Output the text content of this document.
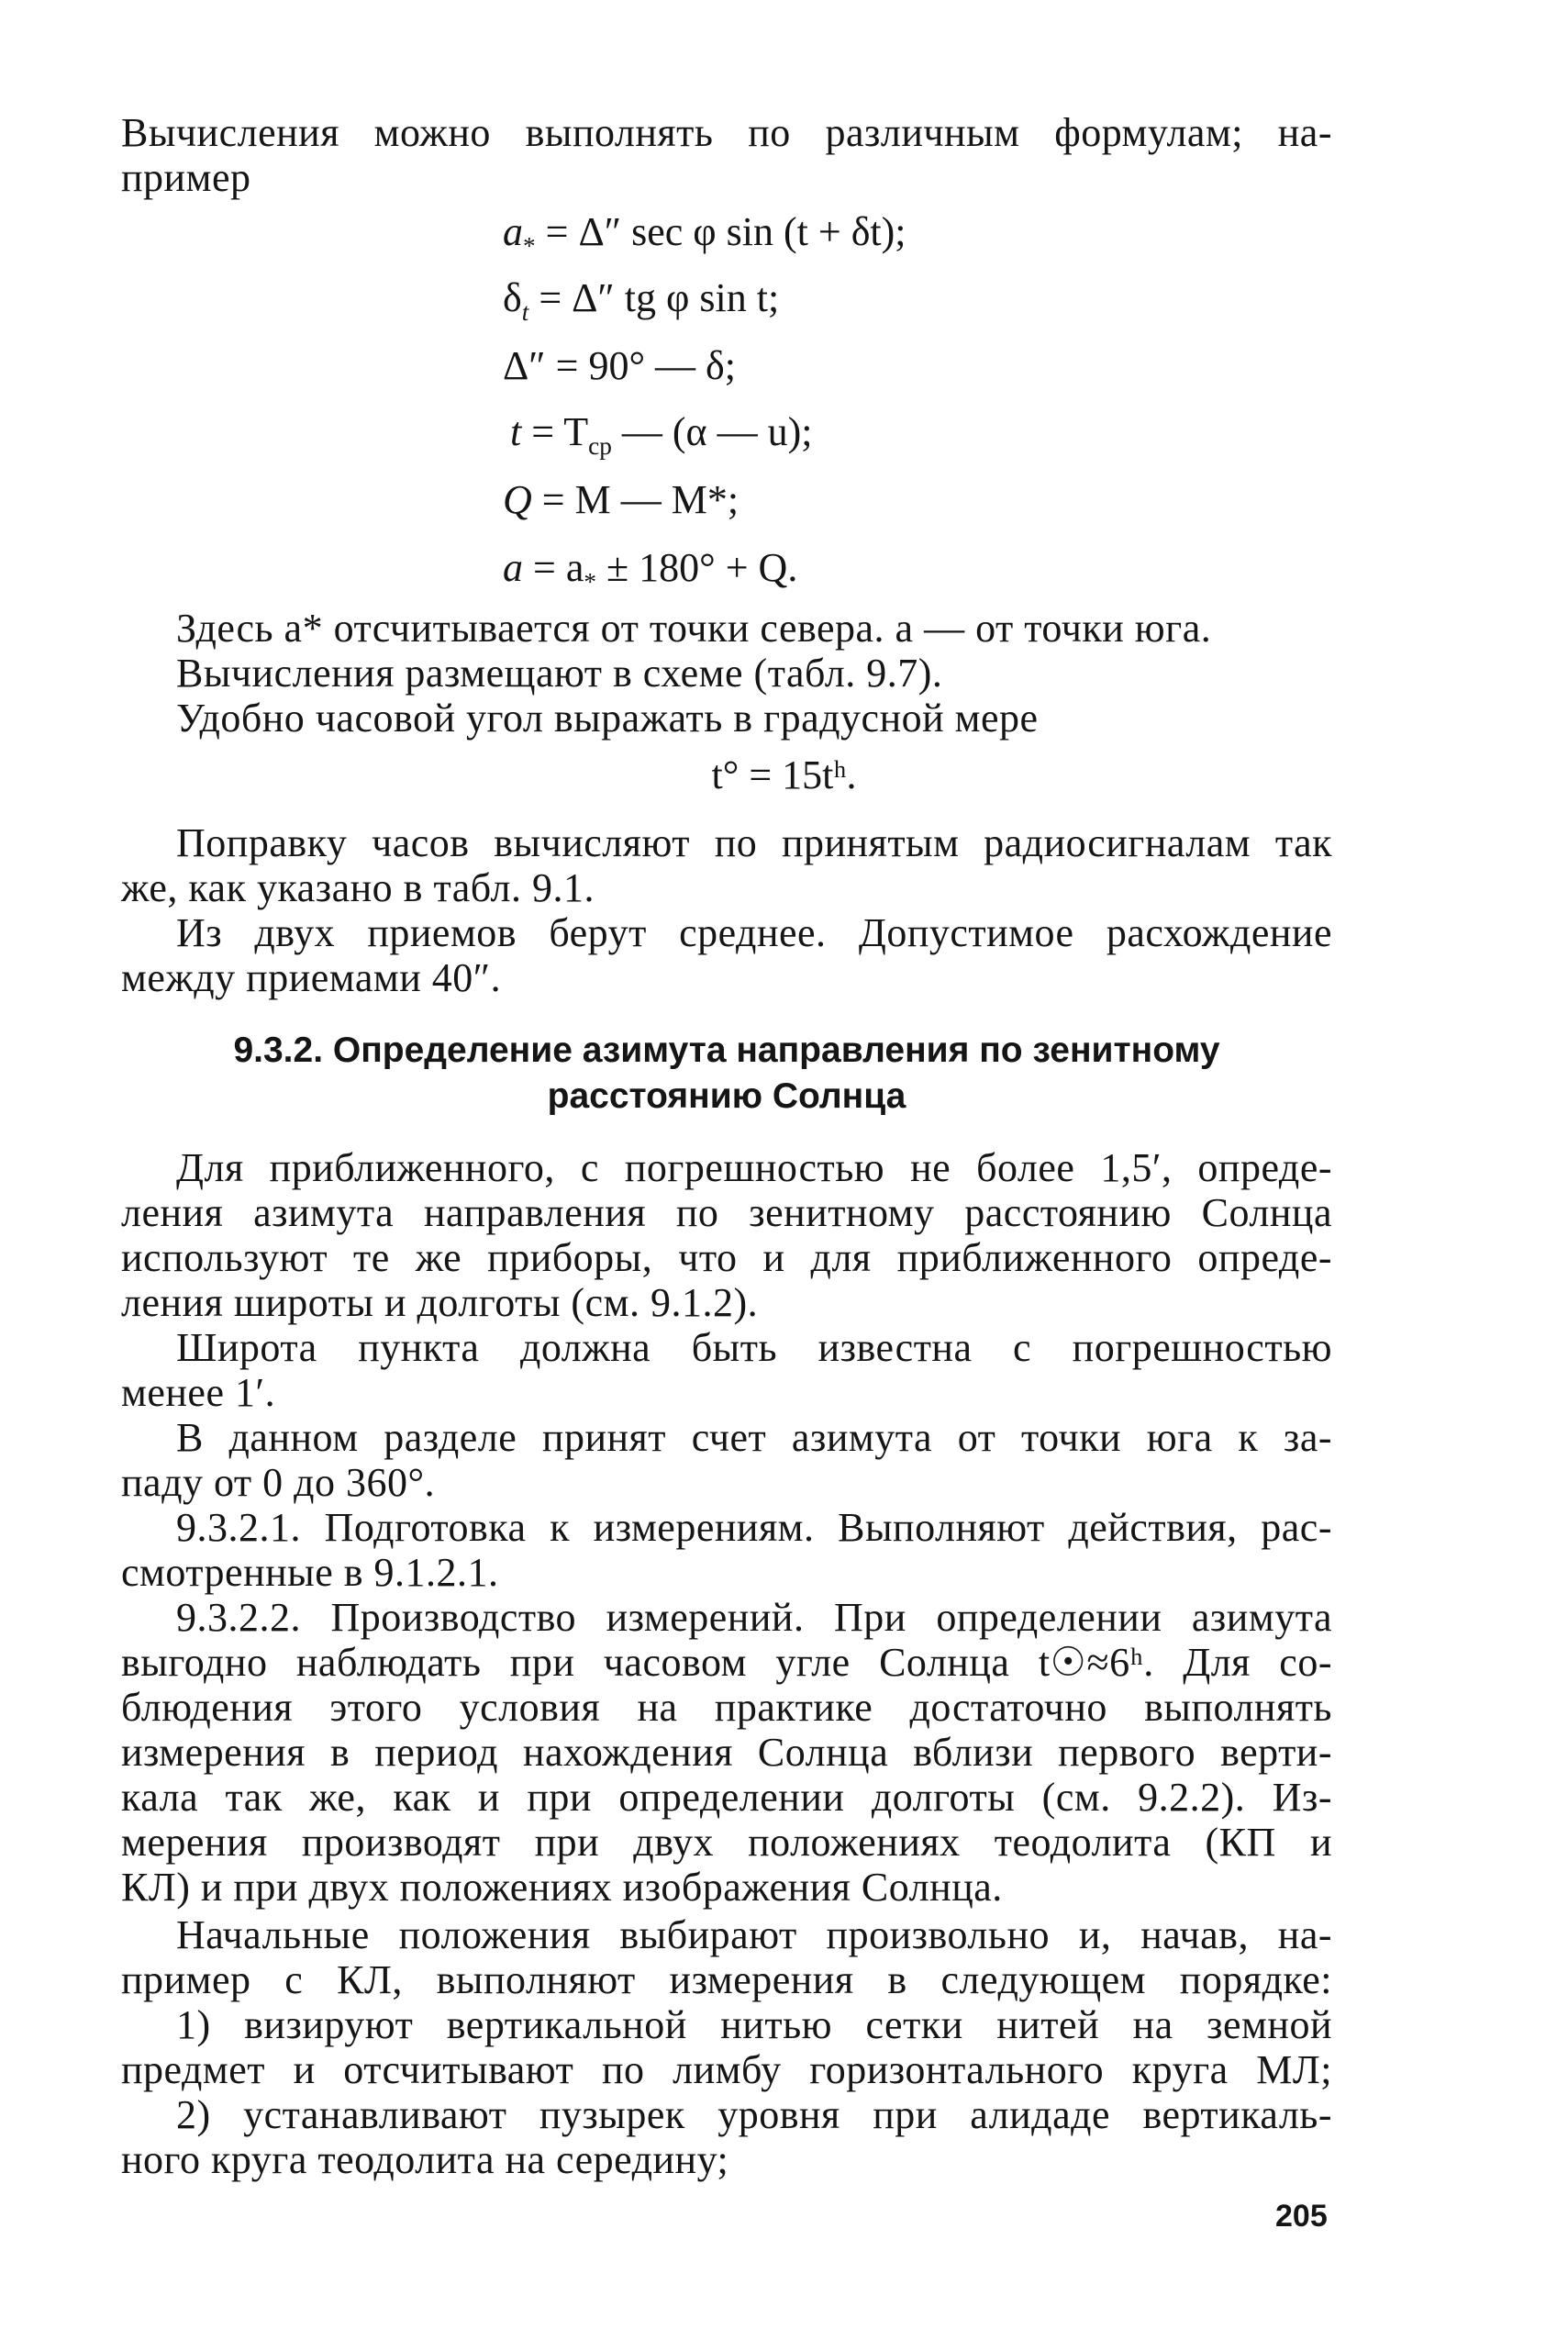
Вычисления можно выполнять по различным формулам; на-

пример

$a_* = \Delta''$ sec φ sin (t + δt);
$\delta_t = \Delta''$ tg φ sin t;
Δ″ = 90° — δ;
$t = T_{ср}$ — (α — u);
Q = M — M*;
$a = a_* \pm 180^\circ + Q$.

Здесь a* отсчитывается от точки севера. a — от точки юга.

Вычисления размещают в схеме (табл. 9.7).

Удобно часовой угол выражать в градусной мере

t° = 15tʰ.

Поправку часов вычисляют по принятым радиосигналам так

же, как указано в табл. 9.1.

Из двух приемов берут среднее. Допустимое расхождение

между приемами 40″.

9.3.2. Определение азимута направления по зенитному
расстоянию Солнца

Для приближенного, с погрешностью не более 1,5′, опреде-

ления азимута направления по зенитному расстоянию Солнца

используют те же приборы, что и для приближенного опреде-

ления широты и долготы (см. 9.1.2).

Широта пункта должна быть известна с погрешностью

менее 1′.

В данном разделе принят счет азимута от точки юга к за-

паду от 0 до 360°.

9.3.2.1. Подготовка к измерениям. Выполняют действия, рас-

смотренные в 9.1.2.1.

9.3.2.2. Производство измерений. При определении азимута

выгодно наблюдать при часовом угле Солнца t☉≈6ʰ. Для со-

блюдения этого условия на практике достаточно выполнять

измерения в период нахождения Солнца вблизи первого верти-

кала так же, как и при определении долготы (см. 9.2.2). Из-

мерения производят при двух положениях теодолита (КП и

КЛ) и при двух положениях изображения Солнца.

Начальные положения выбирают произвольно и, начав, на-

пример с КЛ, выполняют измерения в следующем порядке:

1) визируют вертикальной нитью сетки нитей на земной

предмет и отсчитывают по лимбу горизонтального круга МЛ;

2) устанавливают пузырек уровня при алидаде вертикаль-

ного круга теодолита на середину;

205
